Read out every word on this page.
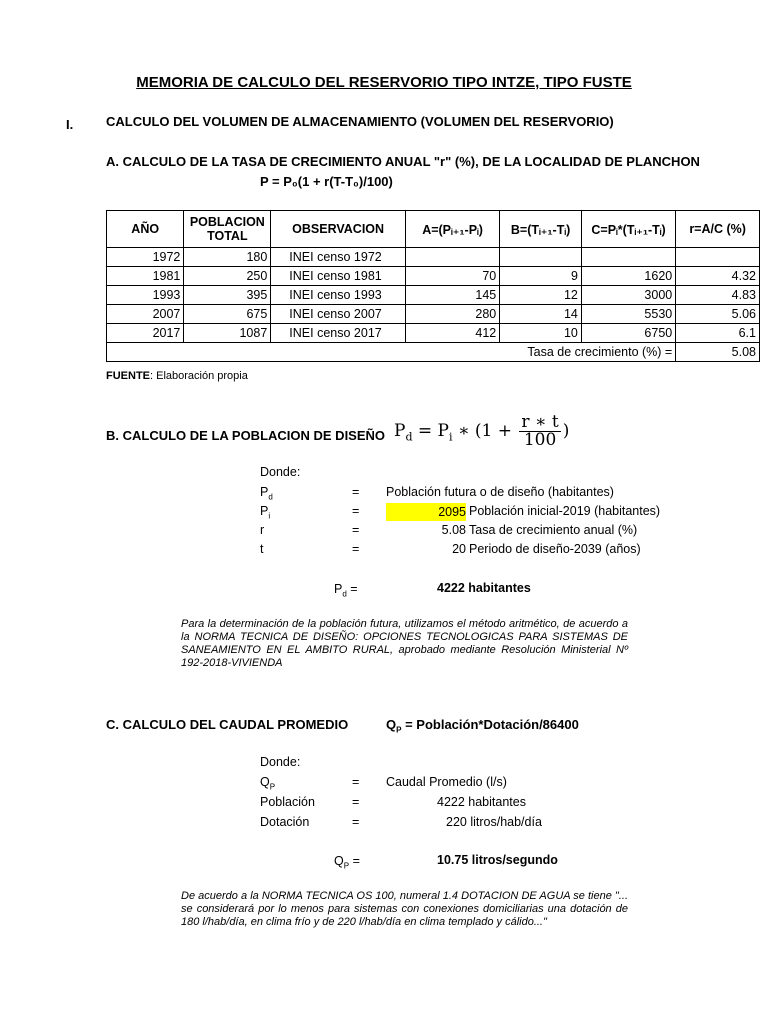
MEMORIA DE CALCULO DEL RESERVORIO TIPO INTZE, TIPO FUSTE
I.	CALCULO DEL VOLUMEN DE ALMACENAMIENTO (VOLUMEN DEL RESERVORIO)
A. CALCULO DE LA TASA DE CRECIMIENTO ANUAL "r" (%), DE LA LOCALIDAD DE PLANCHON
P = P₀(1 + r(T-T₀)/100)
AÑO	POBLACION TOTAL	OBSERVACION	A=(Pᵢ₊₁-Pᵢ)	B=(Tᵢ₊₁-Tᵢ)	C=Pᵢ*(Tᵢ₊₁-Tᵢ)	r=A/C (%)
1972	180	INEI censo 1972				
1981	250	INEI censo 1981	70	9	1620	4.32
1993	395	INEI censo 1993	145	12	3000	4.83
2007	675	INEI censo 2007	280	14	5530	5.06
2017	1087	INEI censo 2017	412	10	6750	6.1
Tasa de crecimiento (%) =						5.08
FUENTE: Elaboración propia
B. CALCULO DE LA POBLACION DE DISEÑO $P_d = P_i$ ∗ ($1 + \frac{r ∗ t}{100}$ )
Donde:
$P_d$	= Población futura o de diseño (habitantes)
$P_i$	=	2095 Población inicial-2019 (habitantes)
r	=	5.08 Tasa de crecimiento anual (%)
t	=	20 Periodo de diseño-2039 (años)
$P_d$ =	4222 habitantes
Para la determinación de la población futura, utilizamos el método aritmético, de acuerdo a la NORMA TECNICA DE DISEÑO: OPCIONES TECNOLOGICAS PARA SISTEMAS DE SANEAMIENTO EN EL AMBITO RURAL, aprobado mediante Resolución Ministerial Nº 192-2018-VIVIENDA
C. CALCULO DEL CAUDAL PROMEDIO	$Q_P$ = Población*Dotación/86400
Donde:
$Q_P$	= Caudal Promedio (l/s)
Población	=	4222 habitantes
Dotación	=	220 litros/hab/día
$Q_P$ =	10.75 litros/segundo
De acuerdo a la NORMA TECNICA OS 100, numeral 1.4 DOTACION DE AGUA se tiene "... se considerará por lo menos para sistemas con conexiones domiciliarias una dotación de 180 l/hab/día, en clima frío y de 220 l/hab/día en clima templado y cálido..."
